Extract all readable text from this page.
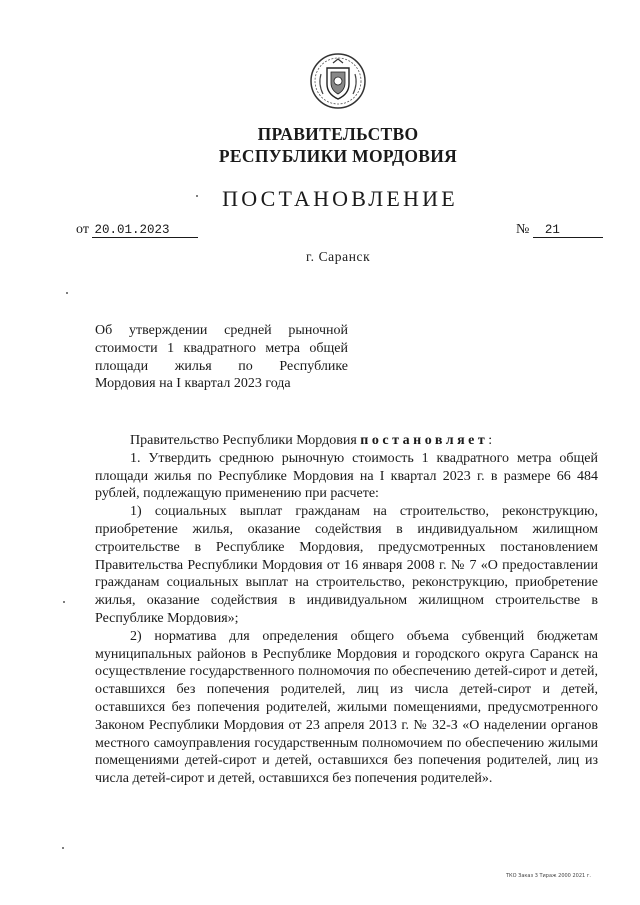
ПРАВИТЕЛЬСТВО
РЕСПУБЛИКИ МОРДОВИЯ
ПОСТАНОВЛЕНИЕ
от 20.01.2023	№ 21
г. Саранск
Об утверждении средней рыночной
стоимости 1 квадратного метра общей
площади жилья по Республике
Мордовия на I квартал 2023 года

Правительство Республики Мордовия постановляет:

1. Утвердить среднюю рыночную стоимость 1 квадратного метра общей площади жилья по Республике Мордовия на I квартал 2023 г. в размере 66 484 рублей, подлежащую применению при расчете:

1) социальных выплат гражданам на строительство, реконструкцию, приобретение жилья, оказание содействия в индивидуальном жилищном строительстве в Республике Мордовия, предусмотренных постановлением Правительства Республики Мордовия от 16 января 2008 г. № 7 «О предоставлении гражданам социальных выплат на строительство, реконструкцию, приобретение жилья, оказание содействия в индивидуальном жилищном строительстве в Республике Мордовия»;

2) норматива для определения общего объема субвенций бюджетам муниципальных районов в Республике Мордовия и городского округа Саранск на осуществление государственного полномочия по обеспечению детей-сирот и детей, оставшихся без попечения родителей, лиц из числа детей-сирот и детей, оставшихся без попечения родителей, жилыми помещениями, предусмотренного Законом Республики Мордовия от 23 апреля 2013 г. № 32-З «О наделении органов местного самоуправления государственным полномочием по обеспечению жилыми помещениями детей-сирот и детей, оставшихся без попечения родителей, лиц из числа детей-сирот и детей, оставшихся без попечения родителей».

ТКО Заказ 3 Тираж 2000 2021 г.
